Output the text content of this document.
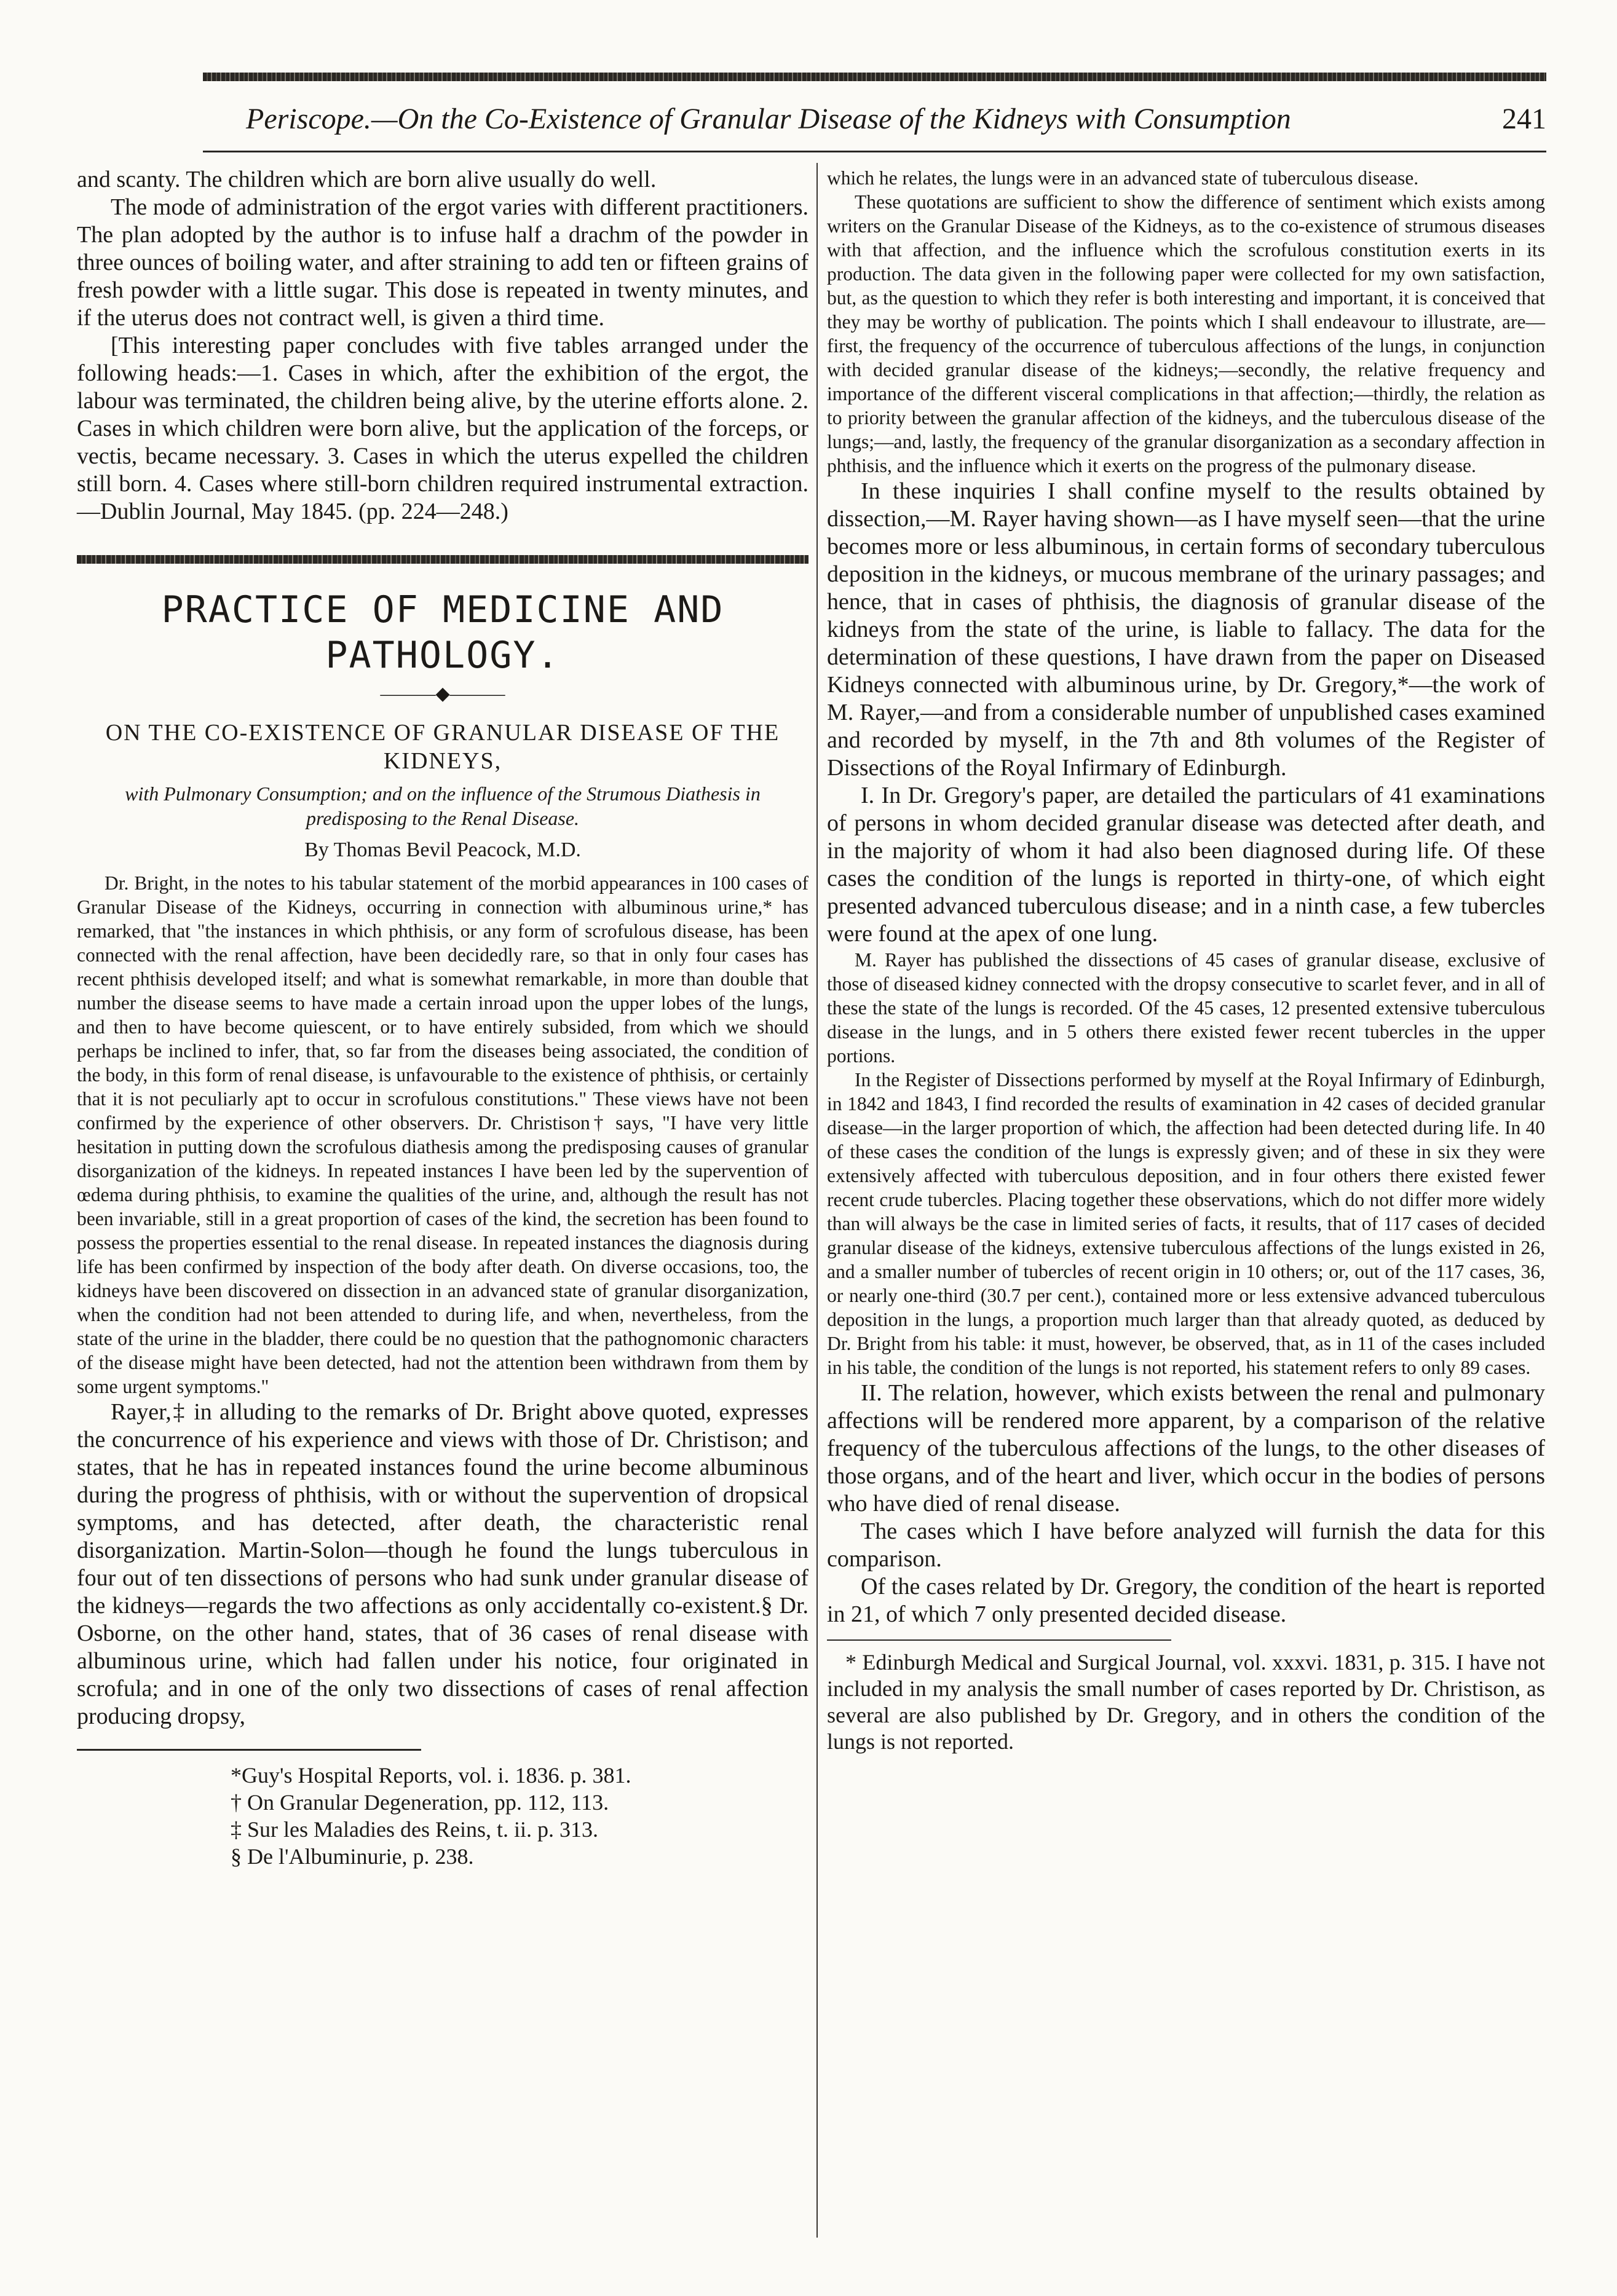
Periscope.—On the Co-Existence of Granular Disease of the Kidneys with Consumption	241

and scanty. The children which are born alive usually do well.

The mode of administration of the ergot varies with different practitioners. The plan adopted by the author is to infuse half a drachm of the powder in three ounces of boiling water, and after straining to add ten or fifteen grains of fresh powder with a little sugar. This dose is repeated in twenty minutes, and if the uterus does not contract well, is given a third time.

[This interesting paper concludes with five tables arranged under the following heads:—1. Cases in which, after the exhibition of the ergot, the labour was terminated, the children being alive, by the uterine efforts alone. 2. Cases in which children were born alive, but the application of the forceps, or vectis, became necessary. 3. Cases in which the uterus expelled the children still born. 4. Cases where still-born children required instrumental extraction.—Dublin Journal, May 1845. (pp. 224—248.)

PRACTICE OF MEDICINE AND PATHOLOGY.
———◆———
ON THE CO-EXISTENCE OF GRANULAR DISEASE OF THE KIDNEYS,
with Pulmonary Consumption; and on the influence of the Strumous Diathesis in predisposing to the Renal Disease.
By Thomas Bevil Peacock, M.D.

Dr. Bright, in the notes to his tabular statement of the morbid appearances in 100 cases of Granular Disease of the Kidneys, occurring in connection with albuminous urine,* has remarked, that "the instances in which phthisis, or any form of scrofulous disease, has been connected with the renal affection, have been decidedly rare, so that in only four cases has recent phthisis developed itself; and what is somewhat remarkable, in more than double that number the disease seems to have made a certain inroad upon the upper lobes of the lungs, and then to have become quiescent, or to have entirely subsided, from which we should perhaps be inclined to infer, that, so far from the diseases being associated, the condition of the body, in this form of renal disease, is unfavourable to the existence of phthisis, or certainly that it is not peculiarly apt to occur in scrofulous constitutions." These views have not been confirmed by the experience of other observers. Dr. Christison† says, "I have very little hesitation in putting down the scrofulous diathesis among the predisposing causes of granular disorganization of the kidneys. In repeated instances I have been led by the supervention of œdema during phthisis, to examine the qualities of the urine, and, although the result has not been invariable, still in a great proportion of cases of the kind, the secretion has been found to possess the properties essential to the renal disease. In repeated instances the diagnosis during life has been confirmed by inspection of the body after death. On diverse occasions, too, the kidneys have been discovered on dissection in an advanced state of granular disorganization, when the condition had not been attended to during life, and when, nevertheless, from the state of the urine in the bladder, there could be no question that the pathognomonic characters of the disease might have been detected, had not the attention been withdrawn from them by some urgent symptoms."

Rayer,‡ in alluding to the remarks of Dr. Bright above quoted, expresses the concurrence of his experience and views with those of Dr. Christison; and states, that he has in repeated instances found the urine become albuminous during the progress of phthisis, with or without the supervention of dropsical symptoms, and has detected, after death, the characteristic renal disorganization. Martin-Solon—though he found the lungs tuberculous in four out of ten dissections of persons who had sunk under granular disease of the kidneys—regards the two affections as only accidentally co-existent.§ Dr. Osborne, on the other hand, states, that of 36 cases of renal disease with albuminous urine, which had fallen under his notice, four originated in scrofula; and in one of the only two dissections of cases of renal affection producing dropsy,

*Guy's Hospital Reports, vol. i. 1836. p. 381.
† On Granular Degeneration, pp. 112, 113.
‡ Sur les Maladies des Reins, t. ii. p. 313.
§ De l'Albuminurie, p. 238.

which he relates, the lungs were in an advanced state of tuberculous disease.

These quotations are sufficient to show the difference of sentiment which exists among writers on the Granular Disease of the Kidneys, as to the co-existence of strumous diseases with that affection, and the influence which the scrofulous constitution exerts in its production. The data given in the following paper were collected for my own satisfaction, but, as the question to which they refer is both interesting and important, it is conceived that they may be worthy of publication. The points which I shall endeavour to illustrate, are—first, the frequency of the occurrence of tuberculous affections of the lungs, in conjunction with decided granular disease of the kidneys;—secondly, the relative frequency and importance of the different visceral complications in that affection;—thirdly, the relation as to priority between the granular affection of the kidneys, and the tuberculous disease of the lungs;—and, lastly, the frequency of the granular disorganization as a secondary affection in phthisis, and the influence which it exerts on the progress of the pulmonary disease.

In these inquiries I shall confine myself to the results obtained by dissection,—M. Rayer having shown—as I have myself seen—that the urine becomes more or less albuminous, in certain forms of secondary tuberculous deposition in the kidneys, or mucous membrane of the urinary passages; and hence, that in cases of phthisis, the diagnosis of granular disease of the kidneys from the state of the urine, is liable to fallacy. The data for the determination of these questions, I have drawn from the paper on Diseased Kidneys connected with albuminous urine, by Dr. Gregory,*—the work of M. Rayer,—and from a considerable number of unpublished cases examined and recorded by myself, in the 7th and 8th volumes of the Register of Dissections of the Royal Infirmary of Edinburgh.

I. In Dr. Gregory's paper, are detailed the particulars of 41 examinations of persons in whom decided granular disease was detected after death, and in the majority of whom it had also been diagnosed during life. Of these cases the condition of the lungs is reported in thirty-one, of which eight presented advanced tuberculous disease; and in a ninth case, a few tubercles were found at the apex of one lung.

M. Rayer has published the dissections of 45 cases of granular disease, exclusive of those of diseased kidney connected with the dropsy consecutive to scarlet fever, and in all of these the state of the lungs is recorded. Of the 45 cases, 12 presented extensive tuberculous disease in the lungs, and in 5 others there existed fewer recent tubercles in the upper portions.

In the Register of Dissections performed by myself at the Royal Infirmary of Edinburgh, in 1842 and 1843, I find recorded the results of examination in 42 cases of decided granular disease—in the larger proportion of which, the affection had been detected during life. In 40 of these cases the condition of the lungs is expressly given; and of these in six they were extensively affected with tuberculous deposition, and in four others there existed fewer recent crude tubercles. Placing together these observations, which do not differ more widely than will always be the case in limited series of facts, it results, that of 117 cases of decided granular disease of the kidneys, extensive tuberculous affections of the lungs existed in 26, and a smaller number of tubercles of recent origin in 10 others; or, out of the 117 cases, 36, or nearly one-third (30.7 per cent.), contained more or less extensive advanced tuberculous deposition in the lungs, a proportion much larger than that already quoted, as deduced by Dr. Bright from his table: it must, however, be observed, that, as in 11 of the cases included in his table, the condition of the lungs is not reported, his statement refers to only 89 cases.

II. The relation, however, which exists between the renal and pulmonary affections will be rendered more apparent, by a comparison of the relative frequency of the tuberculous affections of the lungs, to the other diseases of those organs, and of the heart and liver, which occur in the bodies of persons who have died of renal disease.

The cases which I have before analyzed will furnish the data for this comparison.

Of the cases related by Dr. Gregory, the condition of the heart is reported in 21, of which 7 only presented decided disease.

* Edinburgh Medical and Surgical Journal, vol. xxxvi. 1831, p. 315. I have not included in my analysis the small number of cases reported by Dr. Christison, as several are also published by Dr. Gregory, and in others the condition of the lungs is not reported.
